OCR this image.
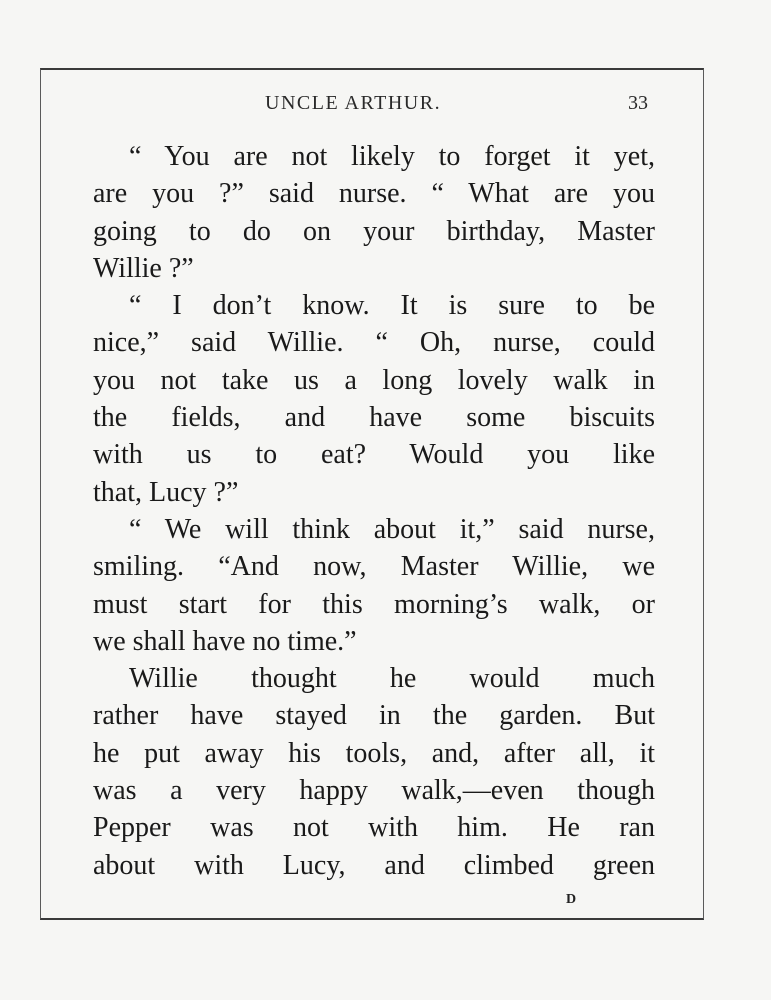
UNCLE ARTHUR.	33
“ You are not likely to forget it yet,
are you ?” said nurse. “ What are you
going to do on your birthday, Master
Willie ?”
“ I don’t know. It is sure to be
nice,” said Willie. “ Oh, nurse, could
you not take us a long lovely walk in
the fields, and have some biscuits
with us to eat? Would you like
that, Lucy ?”
“ We will think about it,” said nurse,
smiling. “And now, Master Willie, we
must start for this morning’s walk, or
we shall have no time.”
Willie thought he would much
rather have stayed in the garden. But
he put away his tools, and, after all, it
was a very happy walk,—even though
Pepper was not with him. He ran
about with Lucy, and climbed green
D
